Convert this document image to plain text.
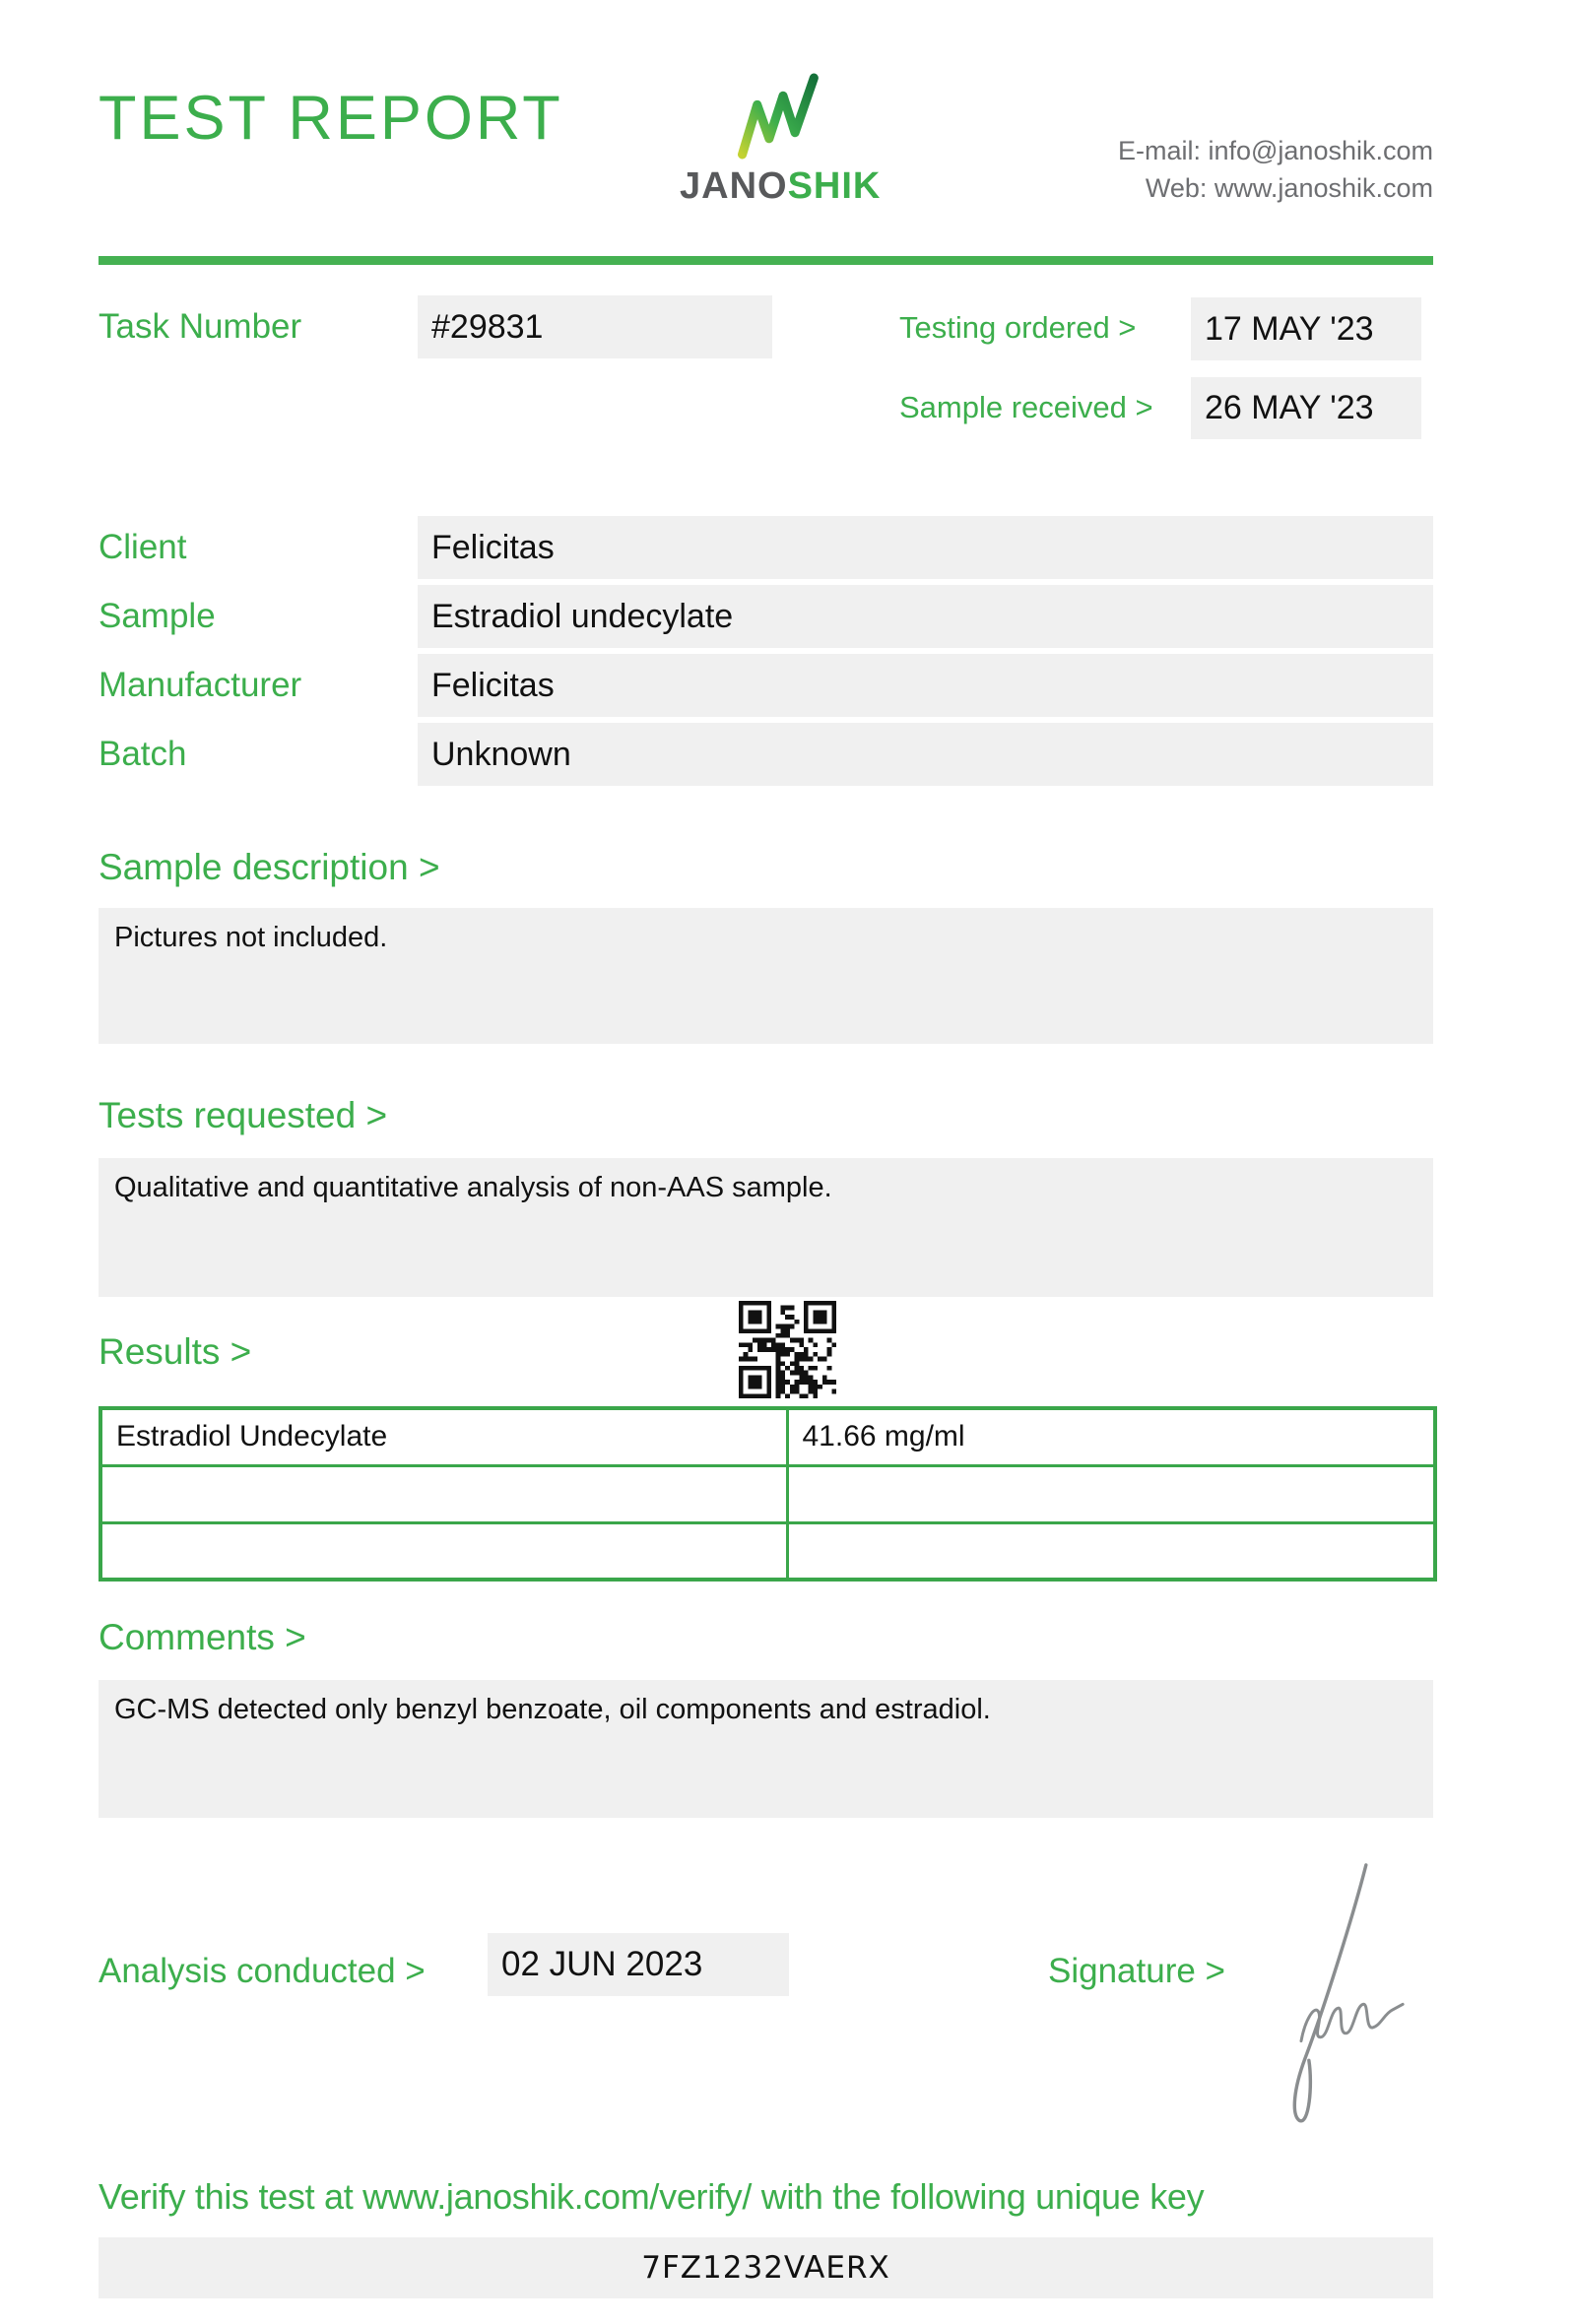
TEST REPORT
JANOSHIK
E-mail: info@janoshik.com
Web: www.janoshik.com
Task Number	#29831	Testing ordered >	17 MAY '23
Sample received >	26 MAY '23
Client	Felicitas
Sample	Estradiol undecylate
Manufacturer	Felicitas
Batch	Unknown
Sample description >
Pictures not included.
Tests requested >
Qualitative and quantitative analysis of non-AAS sample.
Results >
Estradiol Undecylate	41.66 mg/ml

Comments >
GC-MS detected only benzyl benzoate, oil components and estradiol.
Analysis conducted >	02 JUN 2023	Signature >
Verify this test at www.janoshik.com/verify/ with the following unique key
7FZ1232VAERX
